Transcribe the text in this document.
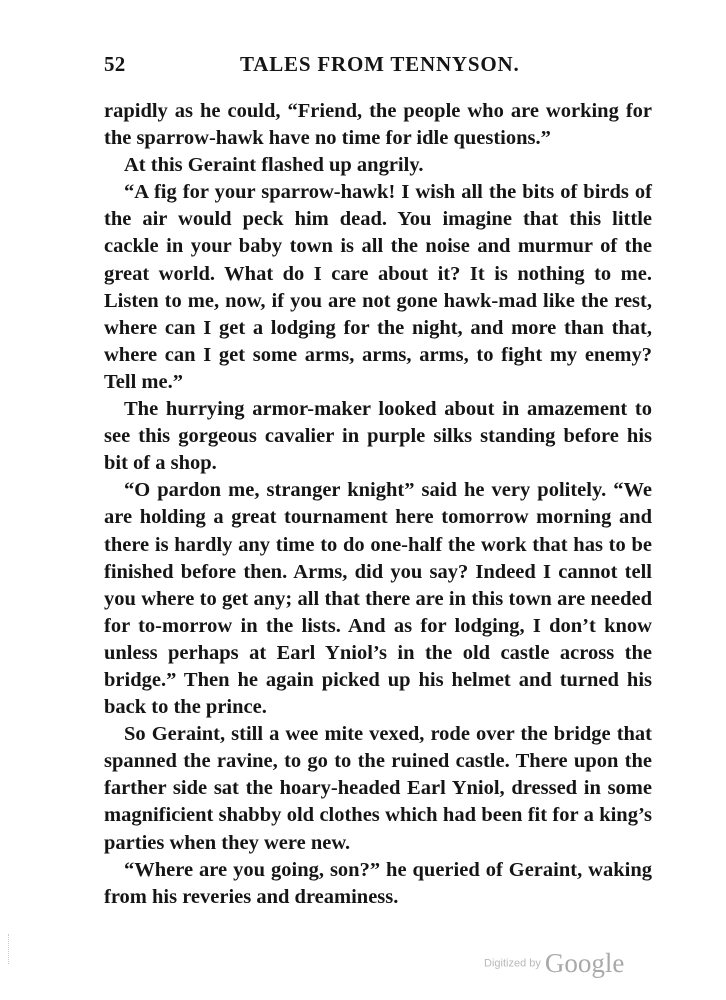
52	TALES FROM TENNYSON.

rapidly as he could, “Friend, the people who are working for the sparrow-hawk have no time for idle questions.”

At this Geraint flashed up angrily.

“A fig for your sparrow-hawk! I wish all the bits of birds of the air would peck him dead. You imagine that this little cackle in your baby town is all the noise and murmur of the great world. What do I care about it? It is nothing to me. Listen to me, now, if you are not gone hawk-mad like the rest, where can I get a lodging for the night, and more than that, where can I get some arms, arms, arms, to fight my enemy? Tell me.”

The hurrying armor-maker looked about in amazement to see this gorgeous cavalier in purple silks standing before his bit of a shop.

“O pardon me, stranger knight” said he very politely. “We are holding a great tournament here tomorrow morning and there is hardly any time to do one-half the work that has to be finished before then. Arms, did you say? Indeed I cannot tell you where to get any; all that there are in this town are needed for to-morrow in the lists. And as for lodging, I don’t know unless perhaps at Earl Yniol’s in the old castle across the bridge.” Then he again picked up his helmet and turned his back to the prince.

So Geraint, still a wee mite vexed, rode over the bridge that spanned the ravine, to go to the ruined castle. There upon the farther side sat the hoary-headed Earl Yniol, dressed in some magnificient shabby old clothes which had been fit for a king’s parties when they were new.

“Where are you going, son?” he queried of Geraint, waking from his reveries and dreaminess.

Digitized by Google
